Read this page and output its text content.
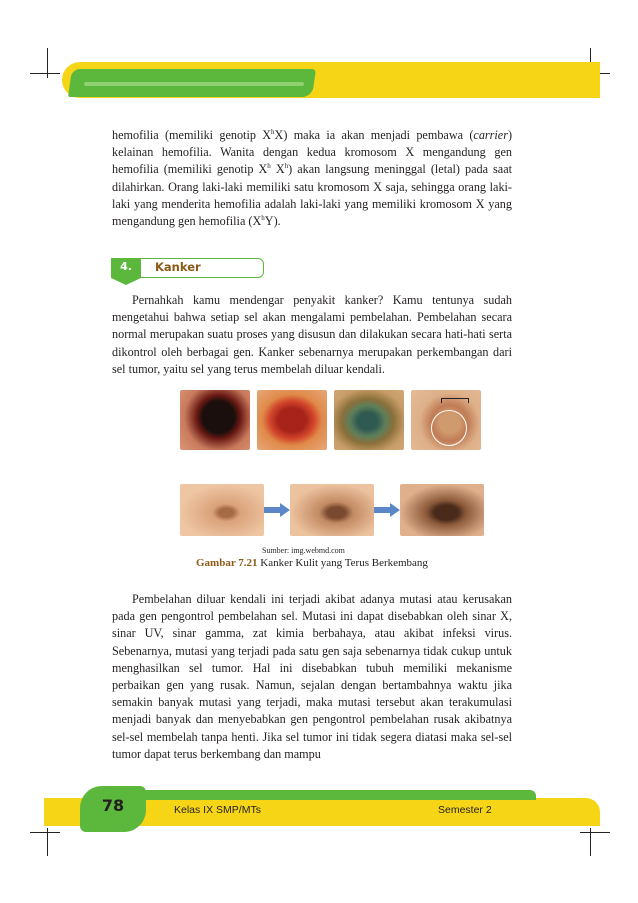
hemofilia (memiliki genotip $X^hX$) maka ia akan menjadi pembawa (carrier) kelainan hemofilia. Wanita dengan kedua kromosom X mengandung gen hemofilia (memiliki genotip $X^h$ $X^h$) akan langsung meninggal (letal) pada saat dilahirkan. Orang laki-laki memiliki satu kromosom X saja, sehingga orang laki-laki yang menderita hemofilia adalah laki-laki yang memiliki kromosom X yang mengandung gen hemofilia $(X^hY)$.

4.	Kanker

Pernahkah kamu mendengar penyakit kanker? Kamu tentunya sudah mengetahui bahwa setiap sel akan mengalami pembelahan. Pembelahan secara normal merupakan suatu proses yang disusun dan dilakukan secara hati-hati serta dikontrol oleh berbagai gen. Kanker sebenarnya merupakan perkembangan dari sel tumor, yaitu sel yang terus membelah diluar kendali.

Sumber: img.webmd.com
Gambar 7.21 Kanker Kulit yang Terus Berkembang

Pembelahan diluar kendali ini terjadi akibat adanya mutasi atau kerusakan pada gen pengontrol pembelahan sel. Mutasi ini dapat disebabkan oleh sinar X, sinar UV, sinar gamma, zat kimia berbahaya, atau akibat infeksi virus. Sebenarnya, mutasi yang terjadi pada satu gen saja sebenarnya tidak cukup untuk menghasilkan sel tumor. Hal ini disebabkan tubuh memiliki mekanisme perbaikan gen yang rusak. Namun, sejalan dengan bertambahnya waktu jika semakin banyak mutasi yang terjadi, maka mutasi tersebut akan terakumulasi menjadi banyak dan menyebabkan gen pengontrol pembelahan rusak akibatnya sel-sel membelah tanpa henti. Jika sel tumor ini tidak segera diatasi maka sel-sel tumor dapat terus berkembang dan mampu

78	Kelas IX SMP/MTs	Semester 2
